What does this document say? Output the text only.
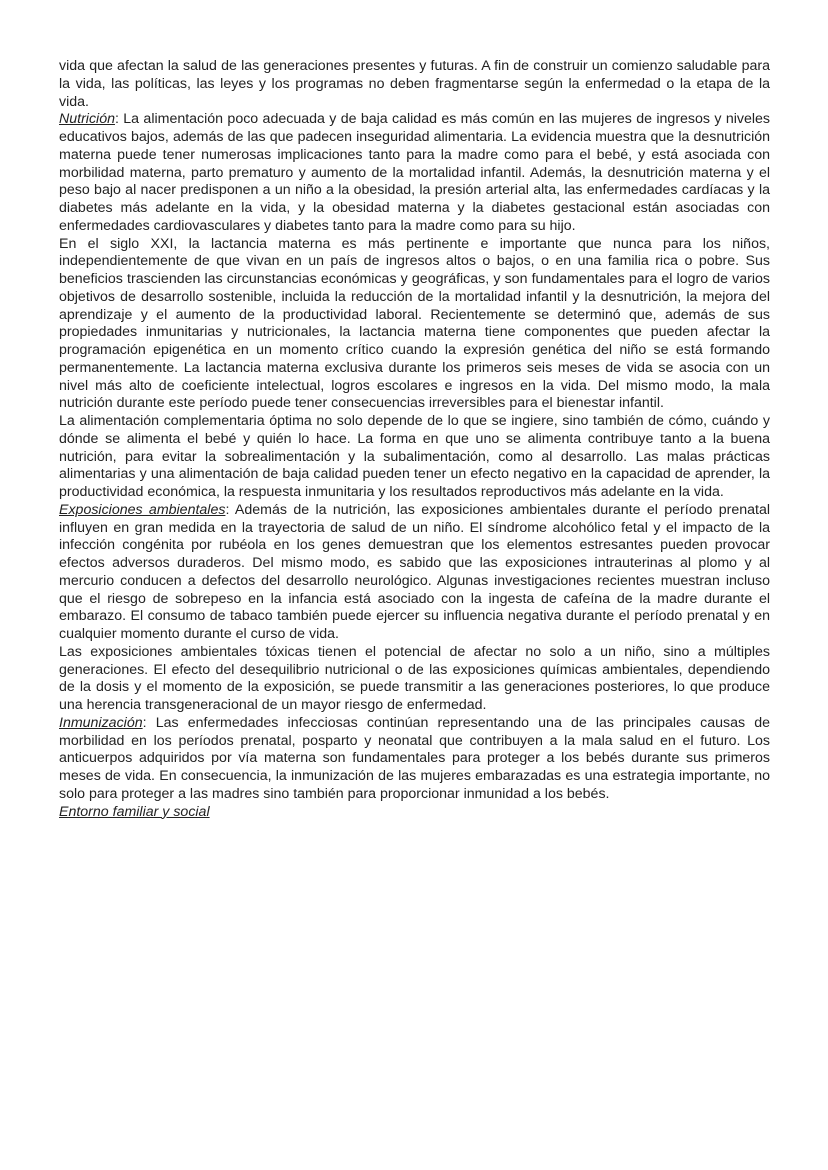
vida que afectan la salud de las generaciones presentes y futuras. A fin de construir un comienzo saludable para la vida, las políticas, las leyes y los programas no deben fragmentarse según la enfermedad o la etapa de la vida.

Nutrición: La alimentación poco adecuada y de baja calidad es más común en las mujeres de ingresos y niveles educativos bajos, además de las que padecen inseguridad alimentaria. La evidencia muestra que la desnutrición materna puede tener numerosas implicaciones tanto para la madre como para el bebé, y está asociada con morbilidad materna, parto prematuro y aumento de la mortalidad infantil. Además, la desnutrición materna y el peso bajo al nacer predisponen a un niño a la obesidad, la presión arterial alta, las enfermedades cardíacas y la diabetes más adelante en la vida, y la obesidad materna y la diabetes gestacional están asociadas con enfermedades cardiovasculares y diabetes tanto para la madre como para su hijo.

En el siglo XXI, la lactancia materna es más pertinente e importante que nunca para los niños, independientemente de que vivan en un país de ingresos altos o bajos, o en una familia rica o pobre. Sus beneficios trascienden las circunstancias económicas y geográficas, y son fundamentales para el logro de varios objetivos de desarrollo sostenible, incluida la reducción de la mortalidad infantil y la desnutrición, la mejora del aprendizaje y el aumento de la productividad laboral. Recientemente se determinó que, además de sus propiedades inmunitarias y nutricionales, la lactancia materna tiene componentes que pueden afectar la programación epigenética en un momento crítico cuando la expresión genética del niño se está formando permanentemente. La lactancia materna exclusiva durante los primeros seis meses de vida se asocia con un nivel más alto de coeficiente intelectual, logros escolares e ingresos en la vida. Del mismo modo, la mala nutrición durante este período puede tener consecuencias irreversibles para el bienestar infantil.

La alimentación complementaria óptima no solo depende de lo que se ingiere, sino también de cómo, cuándo y dónde se alimenta el bebé y quién lo hace. La forma en que uno se alimenta contribuye tanto a la buena nutrición, para evitar la sobrealimentación y la subalimentación, como al desarrollo. Las malas prácticas alimentarias y una alimentación de baja calidad pueden tener un efecto negativo en la capacidad de aprender, la productividad económica, la respuesta inmunitaria y los resultados reproductivos más adelante en la vida.

Exposiciones ambientales: Además de la nutrición, las exposiciones ambientales durante el período prenatal influyen en gran medida en la trayectoria de salud de un niño. El síndrome alcohólico fetal y el impacto de la infección congénita por rubéola en los genes demuestran que los elementos estresantes pueden provocar efectos adversos duraderos. Del mismo modo, es sabido que las exposiciones intrauterinas al plomo y al mercurio conducen a defectos del desarrollo neurológico. Algunas investigaciones recientes muestran incluso que el riesgo de sobrepeso en la infancia está asociado con la ingesta de cafeína de la madre durante el embarazo. El consumo de tabaco también puede ejercer su influencia negativa durante el período prenatal y en cualquier momento durante el curso de vida.

Las exposiciones ambientales tóxicas tienen el potencial de afectar no solo a un niño, sino a múltiples generaciones. El efecto del desequilibrio nutricional o de las exposiciones químicas ambientales, dependiendo de la dosis y el momento de la exposición, se puede transmitir a las generaciones posteriores, lo que produce una herencia transgeneracional de un mayor riesgo de enfermedad.

Inmunización: Las enfermedades infecciosas continúan representando una de las principales causas de morbilidad en los períodos prenatal, posparto y neonatal que contribuyen a la mala salud en el futuro. Los anticuerpos adquiridos por vía materna son fundamentales para proteger a los bebés durante sus primeros meses de vida. En consecuencia, la inmunización de las mujeres embarazadas es una estrategia importante, no solo para proteger a las madres sino también para proporcionar inmunidad a los bebés.

Entorno familiar y social
